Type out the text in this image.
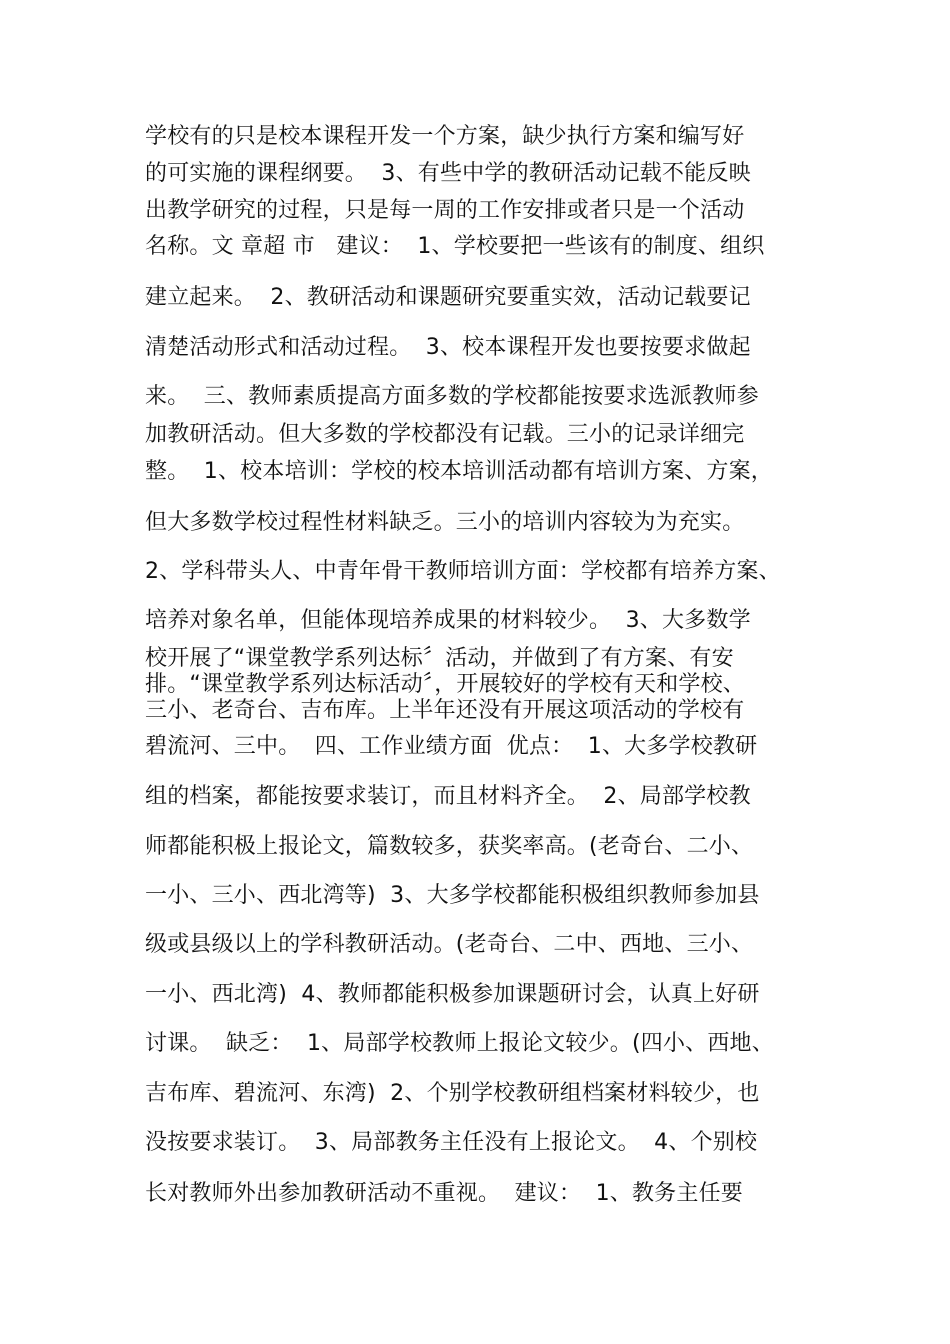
学校有的只是校本课程开发一个方案，缺少执行方案和编写好
的可实施的课程纲要。  3、有些中学的教研活动记载不能反映
出教学研究的过程，只是每一周的工作安排或者只是一个活动
名称。文 章超 市   建议：  1、学校要把一些该有的制度、组织
建立起来。  2、教研活动和课题研究要重实效，活动记载要记
清楚活动形式和活动过程。  3、校本课程开发也要按要求做起
来。  三、教师素质提高方面多数的学校都能按要求选派教师参
加教研活动。但大多数的学校都没有记载。三小的记录详细完
整。  1、校本培训：学校的校本培训活动都有培训方案、方案，
但大多数学校过程性材料缺乏。三小的培训内容较为为充实。
2、学科带头人、中青年骨干教师培训方面：学校都有培养方案、
培养对象名单，但能体现培养成果的材料较少。  3、大多数学
校开展了“课堂教学系列达标〞活动，并做到了有方案、有安
排。“课堂教学系列达标活动〞，开展较好的学校有天和学校、
三小、老奇台、吉布库。上半年还没有开展这项活动的学校有
碧流河、三中。  四、工作业绩方面  优点：  1、大多学校教研
组的档案，都能按要求装订，而且材料齐全。  2、局部学校教
师都能积极上报论文，篇数较多，获奖率高。(老奇台、二小、
一小、三小、西北湾等)  3、大多学校都能积极组织教师参加县
级或县级以上的学科教研活动。(老奇台、二中、西地、三小、
一小、西北湾)  4、教师都能积极参加课题研讨会，认真上好研
讨课。  缺乏：  1、局部学校教师上报论文较少。(四小、西地、
吉布库、碧流河、东湾)  2、个别学校教研组档案材料较少，也
没按要求装订。  3、局部教务主任没有上报论文。  4、个别校
长对教师外出参加教研活动不重视。  建议：  1、教务主任要
